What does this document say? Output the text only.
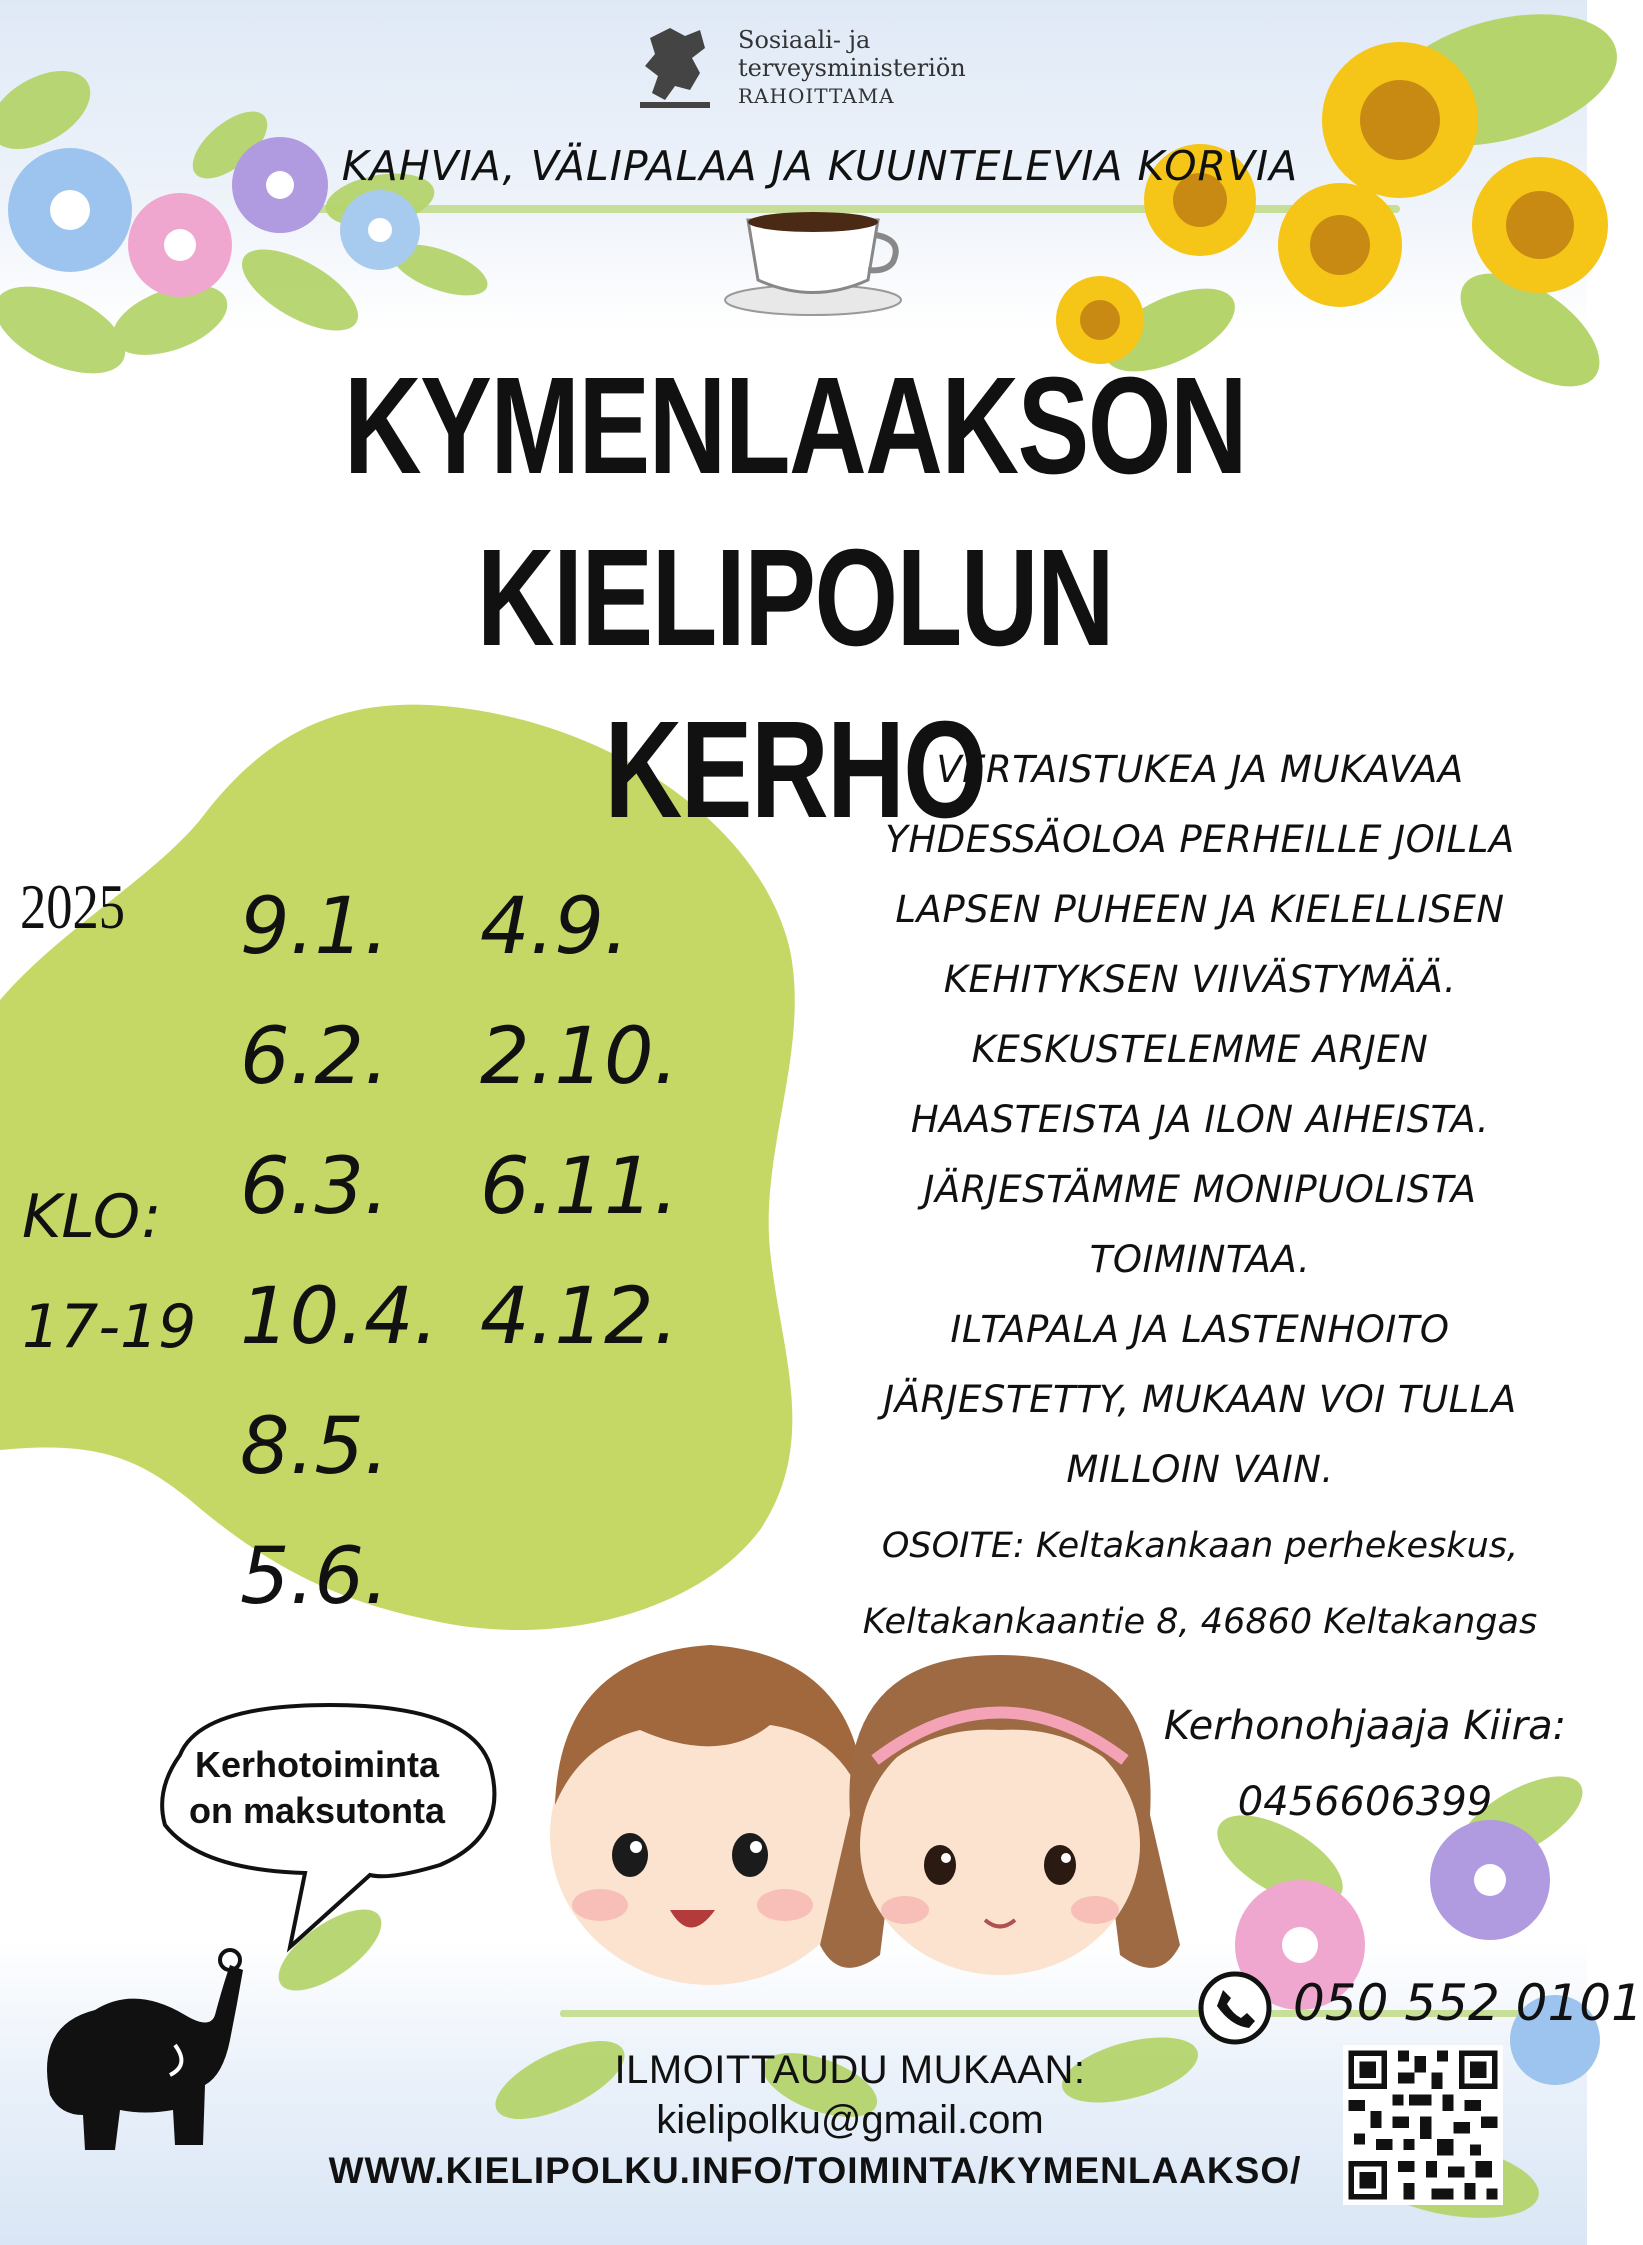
Sosiaali- ja
terveysministeriön
RAHOITTAMA
KAHVIA, VÄLIPALAA JA KUUNTELEVIA KORVIA
KYMENLAAKSON
KIELIPOLUN KERHO
2025
KLO:
17-19
9.1.
6.2.
6.3.
10.4.
8.5.
5.6.
4.9.
2.10.
6.11.
4.12.
VERTAISTUKEA JA MUKAVAA
YHDESSÄOLOA PERHEILLE JOILLA
LAPSEN PUHEEN JA KIELELLISEN
KEHITYKSEN VIIVÄSTYMÄÄ.
KESKUSTELEMME ARJEN
HAASTEISTA JA ILON AIHEISTA.
JÄRJESTÄMME MONIPUOLISTA
TOIMINTAA.
ILTAPALA JA LASTENHOITO
JÄRJESTETTY, MUKAAN VOI TULLA
MILLOIN VAIN.
OSOITE: Keltakankaan perhekeskus,
Keltakankaantie 8, 46860 Keltakangas
Kerhonohjaaja Kiira:
0456606399
Kerhotoiminta
on maksutonta
050 552 0101
ILMOITTAUDU MUKAAN:
kielipolku@gmail.com
WWW.KIELIPOLKU.INFO/TOIMINTA/KYMENLAAKSO/
